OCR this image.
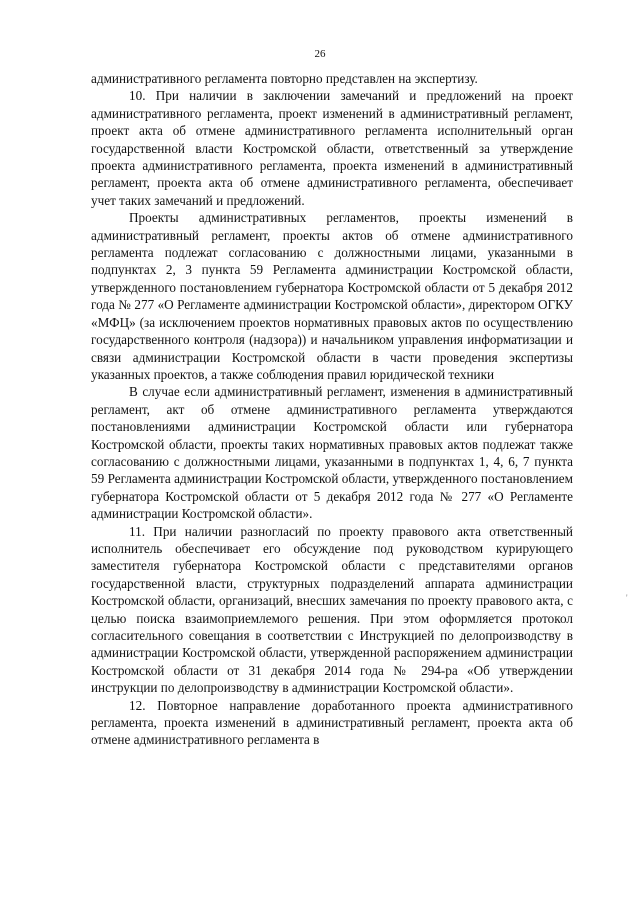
26

административного регламента повторно представлен на экспертизу.

10. При наличии в заключении замечаний и предложений на проект административного регламента, проект изменений в административный регламент, проект акта об отмене административного регламента исполнительный орган государственной власти Костромской области, ответственный за утверждение проекта административного регламента, проекта изменений в административный регламент, проекта акта об отмене административного регламента, обеспечивает учет таких замечаний и предложений.

Проекты административных регламентов, проекты изменений в административный регламент, проекты актов об отмене административного регламента подлежат согласованию с должностными лицами, указанными в подпунктах 2, 3 пункта 59 Регламента администрации Костромской области, утвержденного постановлением губернатора Костромской области от 5 декабря 2012 года № 277 «О Регламенте администрации Костромской области», директором ОГКУ «МФЦ» (за исключением проектов нормативных правовых актов по осуществлению государственного контроля (надзора)) и начальником управления информатизации и связи администрации Костромской области в части проведения экспертизы указанных проектов, а также соблюдения правил юридической техники

В случае если административный регламент, изменения в административный регламент, акт об отмене административного регламента утверждаются постановлениями администрации Костромской области или губернатора Костромской области, проекты таких нормативных правовых актов подлежат также согласованию с должностными лицами, указанными в подпунктах 1, 4, 6, 7 пункта 59 Регламента администрации Костромской области, утвержденного постановлением губернатора Костромской области от 5 декабря 2012 года № 277 «О Регламенте администрации Костромской области».

11. При наличии разногласий по проекту правового акта ответственный исполнитель обеспечивает его обсуждение под руководством курирующего заместителя губернатора Костромской области с представителями органов государственной власти, структурных подразделений аппарата администрации Костромской области, организаций, внесших замечания по проекту правового акта, с целью поиска взаимоприемлемого решения. При этом оформляется протокол согласительного совещания в соответствии с Инструкцией по делопроизводству в администрации Костромской области, утвержденной распоряжением администрации Костромской области от 31 декабря 2014 года № 294-ра «Об утверждении инструкции по делопроизводству в администрации Костромской области».

12. Повторное направление доработанного проекта административного регламента, проекта изменений в административный регламент, проекта акта об отмене административного регламента в

'
